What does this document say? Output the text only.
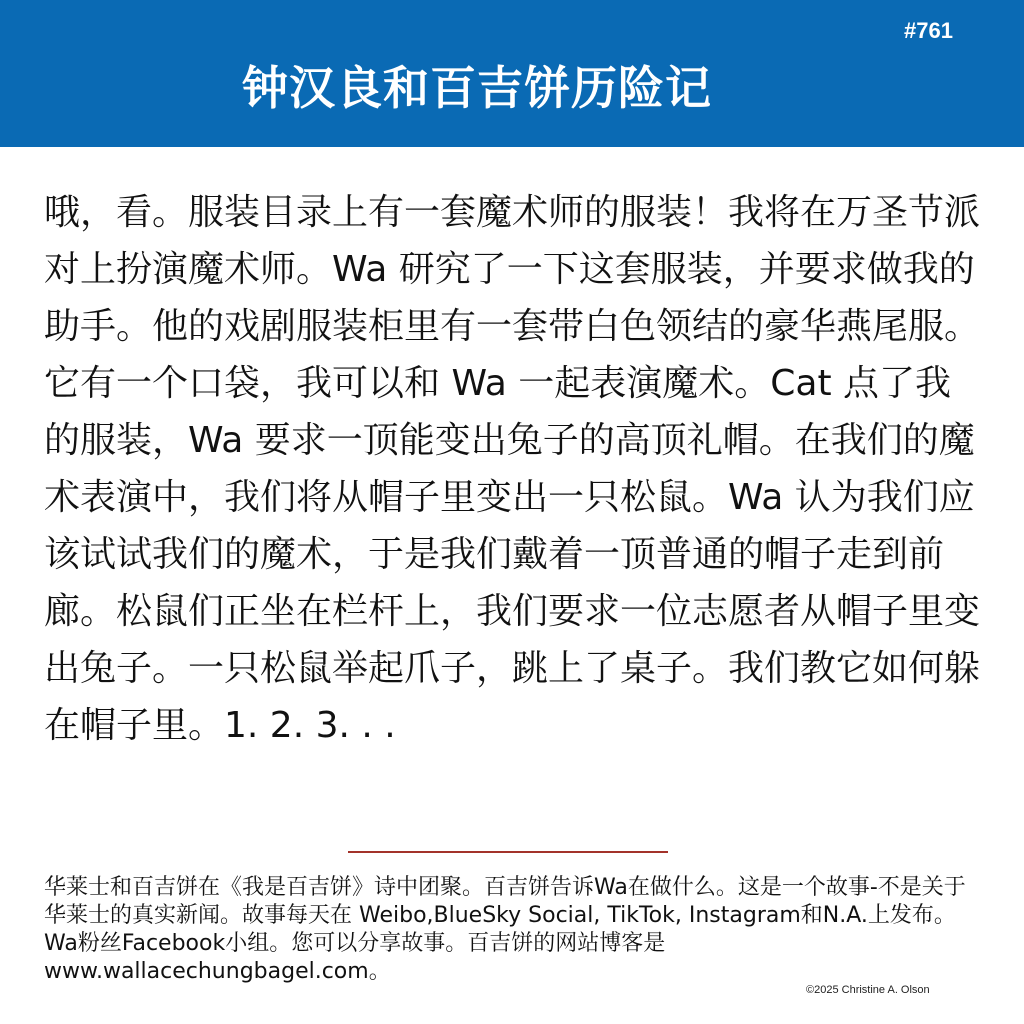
#761
钟汉良和百吉饼历险记
哦，看。服装目录上有一套魔术师的服装！我将在万圣节派对上扮演魔术师。Wa 研究了一下这套服装，并要求做我的助手。他的戏剧服装柜里有一套带白色领结的豪华燕尾服。它有一个口袋，我可以和 Wa 一起表演魔术。Cat 点了我的服装，Wa 要求一顶能变出兔子的高顶礼帽。在我们的魔术表演中，我们将从帽子里变出一只松鼠。Wa 认为我们应该试试我们的魔术，于是我们戴着一顶普通的帽子走到前廊。松鼠们正坐在栏杆上，我们要求一位志愿者从帽子里变出兔子。一只松鼠举起爪子，跳上了桌子。我们教它如何躲在帽子里。1. 2. 3. . .
华莱士和百吉饼在《我是百吉饼》诗中团聚。百吉饼告诉Wa在做什么。这是一个故事-不是关于华莱士的真实新闻。故事每天在 Weibo,BlueSky Social, TikTok, Instagram和N.A.上发布。Wa粉丝Facebook小组。您可以分享故事。百吉饼的网站博客是www.wallacechungbagel.com。
©2025 Christine A. Olson
